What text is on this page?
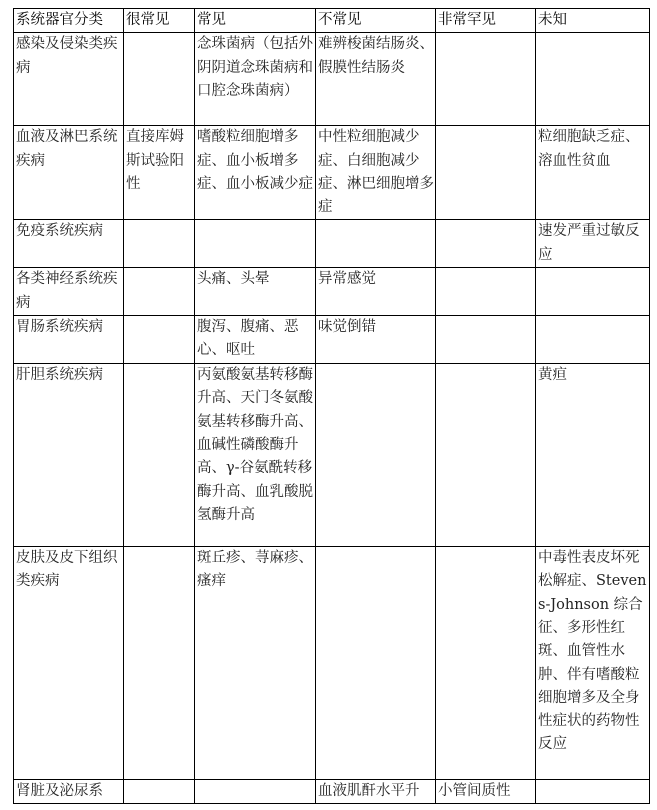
系统器官分类	很常见	常见	不常见	非常罕见	未知
感染及侵染类疾病		念珠菌病（包括外阴阴道念珠菌病和口腔念珠菌病）	难辨梭菌结肠炎、假膜性结肠炎		
血液及淋巴系统疾病	直接库姆斯试验阳性	嗜酸粒细胞增多症、血小板增多症、血小板减少症	中性粒细胞减少症、白细胞减少症、淋巴细胞增多症		粒细胞缺乏症、溶血性贫血
免疫系统疾病					速发严重过敏反应
各类神经系统疾病		头痛、头晕	异常感觉		
胃肠系统疾病		腹泻、腹痛、恶心、呕吐	味觉倒错		
肝胆系统疾病		丙氨酸氨基转移酶升高、天门冬氨酸氨基转移酶升高、血碱性磷酸酶升高、γ-谷氨酰转移酶升高、血乳酸脱氢酶升高			黄疸
皮肤及皮下组织类疾病		斑丘疹、荨麻疹、瘙痒			中毒性表皮坏死松解症、Stevens-Johnson 综合征、多形性红斑、血管性水肿、伴有嗜酸粒细胞增多及全身性症状的药物性反应
肾脏及泌尿系			血液肌酐水平升	小管间质性	
